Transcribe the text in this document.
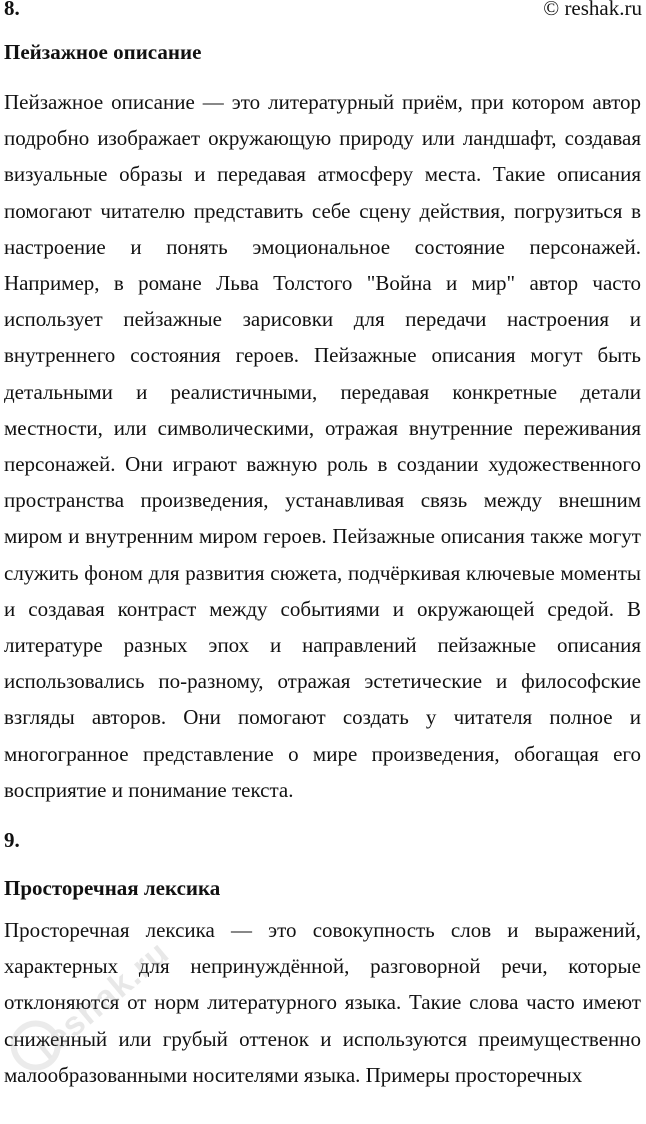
8.	© reshak.ru
Пейзажное описание

Пейзажное описание — это литературный приём, при котором автор подробно изображает окружающую природу или ландшафт, создавая визуальные образы и передавая атмосферу места. Такие описания помогают читателю представить себе сцену действия, погрузиться в настроение и понять эмоциональное состояние персонажей. Например, в романе Льва Толстого "Война и мир" автор часто использует пейзажные зарисовки для передачи настроения и внутреннего состояния героев. Пейзажные описания могут быть детальными и реалистичными, передавая конкретные детали местности, или символическими, отражая внутренние переживания персонажей. Они играют важную роль в создании художественного пространства произведения, устанавливая связь между внешним миром и внутренним миром героев. Пейзажные описания также могут служить фоном для развития сюжета, подчёркивая ключевые моменты и создавая контраст между событиями и окружающей средой. В литературе разных эпох и направлений пейзажные описания использовались по-разному, отражая эстетические и философские взгляды авторов. Они помогают создать у читателя полное и многогранное представление о мире произведения, обогащая его восприятие и понимание текста.

9.
Просторечная лексика

Просторечная лексика — это совокупность слов и выражений, характерных для непринуждённой, разговорной речи, которые отклоняются от норм литературного языка. Такие слова часто имеют сниженный или грубый оттенок и используются преимущественно малообразованными носителями языка. Примеры просторечных

reshak.ru
